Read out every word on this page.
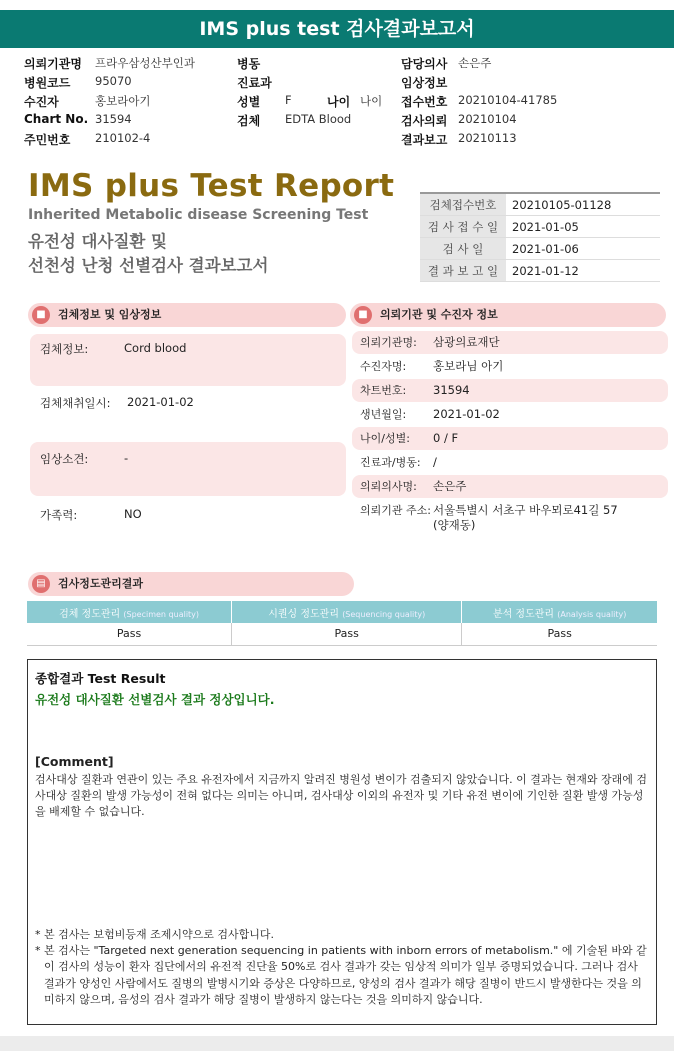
IMS plus test 검사결과보고서
의뢰기관명 프라우삼성산부인과	병동	담당의사 손은주
병원코드 95070	진료과	임상정보
수진자	홍보라아기	성별 F	나이 나이 접수번호 20210104-41785
Chart No. 31594	검체 EDTA Blood	검사의뢰 20210104
주민번호 210102-4	결과보고 20210113
IMS plus Test Report
Inherited Metabolic disease Screening Test
유전성 대사질환 및
선천성 난청 선별검사 결과보고서
검체접수번호	20210105-01128
검 사 접 수 일	2021-01-05
검 사 일	2021-01-06
결 과 보 고 일	2021-01-12
■	검체정보 및 임상정보
검체정보:	Cord blood
검체채취일시: 2021-01-02
임상소견:	-
가족력:	NO
■	의뢰기관 및 수진자 정보
의뢰기관명: 삼광의료재단
수진자명: 홍보라님 아기
차트번호: 31594
생년월일: 2021-01-02
나이/성별: 0 / F
진료과/병동: /
의뢰의사명: 손은주
의뢰기관 주소: 서울특별시 서초구 바우뫼로41길 57
(양재동)
▤	검사정도관리결과
검체 정도관리 (Specimen quality)	시퀀싱 정도관리 (Sequencing quality)	분석 정도관리 (Analysis quality)
Pass	Pass	Pass
종합결과 Test Result
유전성 대사질환 선별검사 결과 정상입니다.
[Comment]
검사대상 질환과 연관이 있는 주요 유전자에서 지금까지 알려진 병원성 변이가 검출되지 않았습니다. 이 결과는 현재와 장래에 검사대상 질환의 발생 가능성이 전혀 없다는 의미는 아니며, 검사대상 이외의 유전자 및 기타 유전 변이에 기인한 질환 발생 가능성을 배제할 수 없습니다.
* 본 검사는 보험비등재 조제시약으로 검사합니다.
* 본 검사는 "Targeted next generation sequencing in patients with inborn errors of metabolism." 에 기술된 바와 같이 검사의 성능이 환자 집단에서의 유전적 진단율 50%로 검사 결과가 갖는 임상적 의미가 일부 증명되었습니다. 그러나 검사 결과가 양성인 사람에서도 질병의 발병시기와 증상은 다양하므로, 양성의 검사 결과가 해당 질병이 반드시 발생한다는 것을 의미하지 않으며, 음성의 검사 결과가 해당 질병이 발생하지 않는다는 것을 의미하지 않습니다.
